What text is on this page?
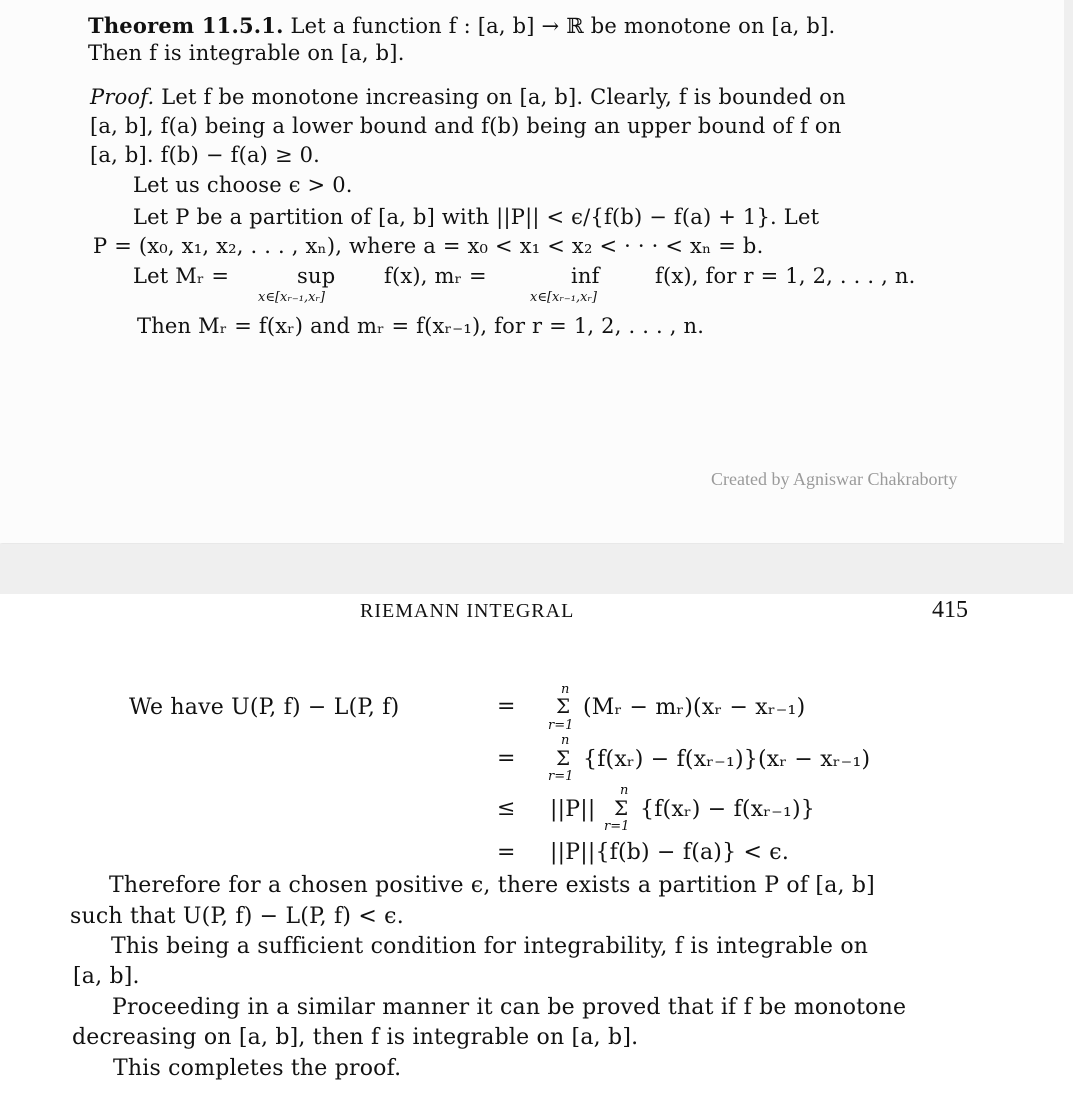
Theorem 11.5.1. Let a function f : [a, b] → ℝ be monotone on [a, b].
Then f is integrable on [a, b].
Proof. Let f be monotone increasing on [a, b]. Clearly, f is bounded on
[a, b], f(a) being a lower bound and f(b) being an upper bound of f on
[a, b]. f(b) − f(a) ≥ 0.
Let us choose ϵ > 0.
Let P be a partition of [a, b] with ||P|| < ϵ/{f(b) − f(a) + 1}. Let
P = (x₀, x₁, x₂, . . . , xₙ), where a = x₀ < x₁ < x₂ < · · · < xₙ = b.
Let Mᵣ =	sup
x∈[xᵣ₋₁,xᵣ]
f(x), mᵣ =	inf
x∈[xᵣ₋₁,xᵣ]
f(x), for r = 1, 2, . . . , n.
Then Mᵣ = f(xᵣ) and mᵣ = f(xᵣ₋₁), for r = 1, 2, . . . , n.
Created by Agniswar Chakraborty
RIEMANN INTEGRAL	415
We have U(P, f) − L(P, f)	=
n
Σ
r=1
(Mᵣ − mᵣ)(xᵣ − xᵣ₋₁)
=
n
Σ
r=1
{f(xᵣ) − f(xᵣ₋₁)}(xᵣ − xᵣ₋₁)
≤ ||P||
n
Σ
r=1
{f(xᵣ) − f(xᵣ₋₁)}
= ||P||{f(b) − f(a)} < ϵ.
Therefore for a chosen positive ϵ, there exists a partition P of [a, b]
such that U(P, f) − L(P, f) < ϵ.
This being a sufficient condition for integrability, f is integrable on
[a, b].
Proceeding in a similar manner it can be proved that if f be monotone
decreasing on [a, b], then f is integrable on [a, b].
This completes the proof.
